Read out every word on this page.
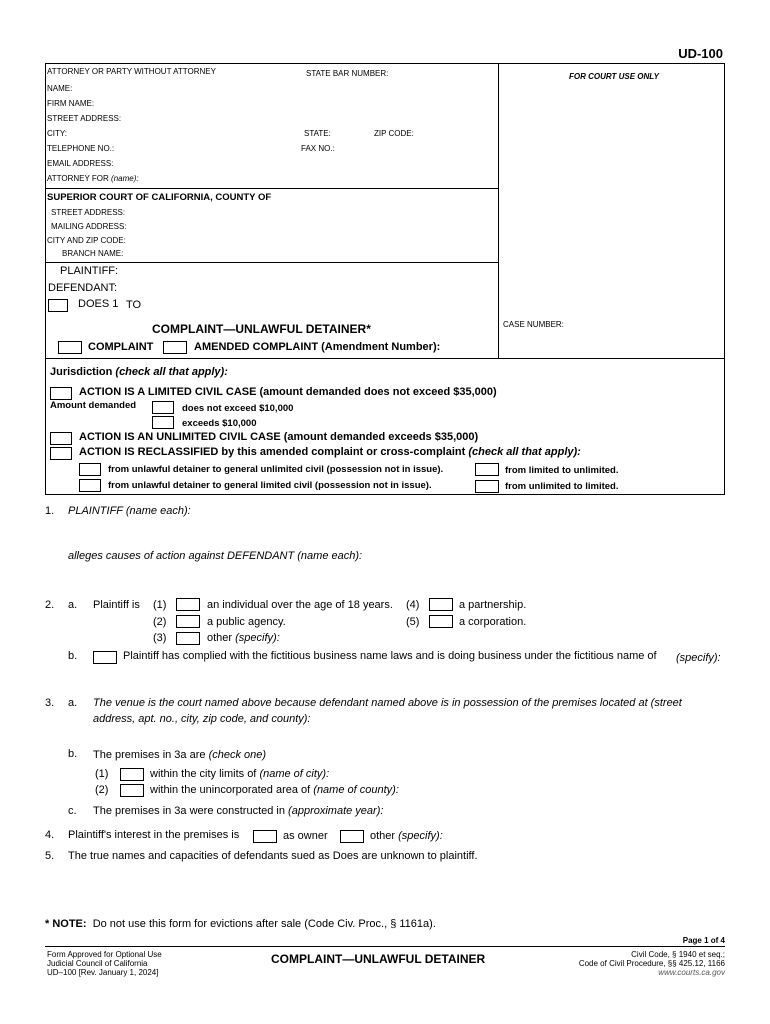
UD-100
ATTORNEY OR PARTY WITHOUT ATTORNEY	STATE BAR NUMBER:	FOR COURT USE ONLY
NAME:
FIRM NAME:
STREET ADDRESS:
CITY:	STATE:	ZIP CODE:
TELEPHONE NO.:	FAX NO.:
EMAIL ADDRESS:
ATTORNEY FOR (name):
SUPERIOR COURT OF CALIFORNIA, COUNTY OF
STREET ADDRESS:
MAILING ADDRESS:
CITY AND ZIP CODE:
BRANCH NAME:
PLAINTIFF:
DEFENDANT:
DOES 1 TO
COMPLAINT—UNLAWFUL DETAINER*	CASE NUMBER:
COMPLAINT	AMENDED COMPLAINT (Amendment Number):
Jurisdiction (check all that apply):
ACTION IS A LIMITED CIVIL CASE (amount demanded does not exceed $35,000)
Amount demanded	does not exceed $10,000
exceeds $10,000
ACTION IS AN UNLIMITED CIVIL CASE (amount demanded exceeds $35,000)
ACTION IS RECLASSIFIED by this amended complaint or cross-complaint (check all that apply):
from unlawful detainer to general unlimited civil (possession not in issue).
from unlawful detainer to general limited civil (possession not in issue).
from limited to unlimited.
from unlimited to limited.
1. PLAINTIFF (name each):
alleges causes of action against DEFENDANT (name each):
2. a. Plaintiff is (1)	an individual over the age of 18 years. (4)	a partnership.
(2)	a public agency.	(5)	a corporation.
(3)	other (specify):
b.	Plaintiff has complied with the fictitious business name laws and is doing business under the fictitious name of (specify):
3. a. The venue is the court named above because defendant named above is in possession of the premises located at (street
address, apt. no., city, zip code, and county):
b. The premises in 3a are (check one)
(1)	within the city limits of (name of city):
(2)	within the unincorporated area of (name of county):
c. The premises in 3a were constructed in (approximate year):
4. Plaintiff's interest in the premises is	as owner	other (specify):
5. The true names and capacities of defendants sued as Does are unknown to plaintiff.
* NOTE: Do not use this form for evictions after sale (Code Civ. Proc., § 1161a).
Page 1 of 4
Form Approved for Optional Use
Judicial Council of California
UD–100 [Rev. January 1, 2024]
COMPLAINT—UNLAWFUL DETAINER	Civil Code, § 1940 et seq.;
Code of Civil Procedure, §§ 425.12, 1166
www.courts.ca.gov
